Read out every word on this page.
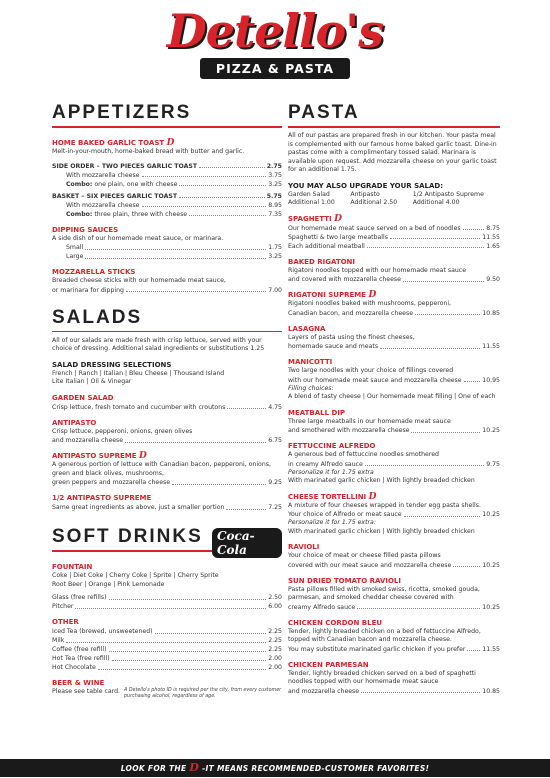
Detello's
PIZZA & PASTA
APPETIZERS
HOME BAKED GARLIC TOAST D
Melt-in-your-mouth, home-baked bread with butter and garlic.
SIDE ORDER – TWO PIECES GARLIC TOAST	2.75
With mozzarella cheese	3.75
Combo: one plain, one with cheese	3.25
BASKET – SIX PIECES GARLIC TOAST	5.75
With mozzarella cheese	8.95
Combo: three plain, three with cheese	7.35
DIPPING SAUCES
A side dish of our homemade meat sauce, or marinara.
Small	1.75
Large	3.25
MOZZARELLA STICKS
Breaded cheese sticks with our homemade meat sauce,
or marinara for dipping	7.00
SALADS
All of our salads are made fresh with crisp lettuce, served with your choice of dressing. Additional salad ingredients or substitutions 1.25
SALAD DRESSING SELECTIONS
French | Ranch | Italian | Bleu Cheese | Thousand Island
Lite Italian | Oil & Vinegar
GARDEN SALAD
Crisp lettuce, fresh tomato and cucumber with croutons	4.75
ANTIPASTO
Crisp lettuce, pepperoni, onions, green olives
and mozzarella cheese	6.75
ANTIPASTO SUPREME D
A generous portion of lettuce with Canadian bacon, pepperoni, onions, green and black olives, mushrooms,
green peppers and mozzarella cheese	9.25
1/2 ANTIPASTO SUPREME
Same great ingredients as above, just a smaller portion	7.25
SOFT DRINKS	Coca-Cola
FOUNTAIN
Coke | Diet Coke | Cherry Coke | Sprite | Cherry Sprite
Root Beer | Orange | Pink Lemonade
Glass (free refills)	2.50
Pitcher	6.00
OTHER
Iced Tea (brewed, unsweetened)	2.25
Milk	2.25
Coffee (free refill)	2.25
Hot Tea (free refill)	2.00
Hot Chocolate	2.00
BEER & WINE
Please see table card. A Detello's photo ID is required per the city, from every customer purchasing alcohol, regardless of age.
PASTA
All of our pastas are prepared fresh in our kitchen. Your pasta meal is complemented with our famous home baked garlic toast. Dine-in pastas come with a complimentary tossed salad. Marinara is available upon request. Add mozzarella cheese on your garlic toast for an additional 1.75.
YOU MAY ALSO UPGRADE YOUR SALAD:
Garden Salad	Antipasto	1/2 Antipasto Supreme
Additional 1.00	Additional 2.50	Additional 4.00
SPAGHETTI D
Our homemade meat sauce served on a bed of noodles	8.75
Spaghetti & two large meatballs	11.55
Each additional meatball	1.65
BAKED RIGATONI
Rigatoni noodles topped with our homemade meat sauce
and covered with mozzarella cheese	9.50
RIGATONI SUPREME D
Rigatoni noodles baked with mushrooms, pepperoni,
Canadian bacon, and mozzarella cheese	10.85
LASAGNA
Layers of pasta using the finest cheeses,
homemade sauce and meats	11.55
MANICOTTI
Two large noodles with your choice of fillings covered
with our homemade meat sauce and mozzarella cheese	10.95
Filling choices:
A blend of tasty cheese | Our homemade meat filling | One of each
MEATBALL DIP
Three large meatballs in our homemade meat sauce
and smothered with mozzarella cheese	10.25
FETTUCCINE ALFREDO
A generous bed of fettuccine noodles smothered
in creamy Alfredo sauce	9.75
Personalize it for 1.75 extra
With marinated garlic chicken | With lightly breaded chicken
CHEESE TORTELLINI D
A mixture of four cheeses wrapped in tender egg pasta shells.
Your choice of Alfredo or meat sauce	10.25
Personalize it for 1.75 extra:
With marinated garlic chicken | With lightly breaded chicken
RAVIOLI
Your choice of meat or cheese filled pasta pillows
covered with our meat sauce and mozzarella cheese	10.25
SUN DRIED TOMATO RAVIOLI
Pasta pillows filled with smoked swiss, ricotta, smoked gouda, parmesan, and smoked cheddar cheese covered with
creamy Alfredo sauce	10.25
CHICKEN CORDON BLEU
Tender, lightly breaded chicken on a bed of fettuccine Alfredo, topped with Canadian bacon and mozzarella cheese.
You may substitute marinated garlic chicken if you prefer	11.55
CHICKEN PARMESAN
Tender, lightly breaded chicken served on a bed of spaghetti noodles topped with our homemade meat sauce
and mozzarella cheese	10.85
LOOK FOR THE D -IT MEANS RECOMMENDED-CUSTOMER FAVORITES!
